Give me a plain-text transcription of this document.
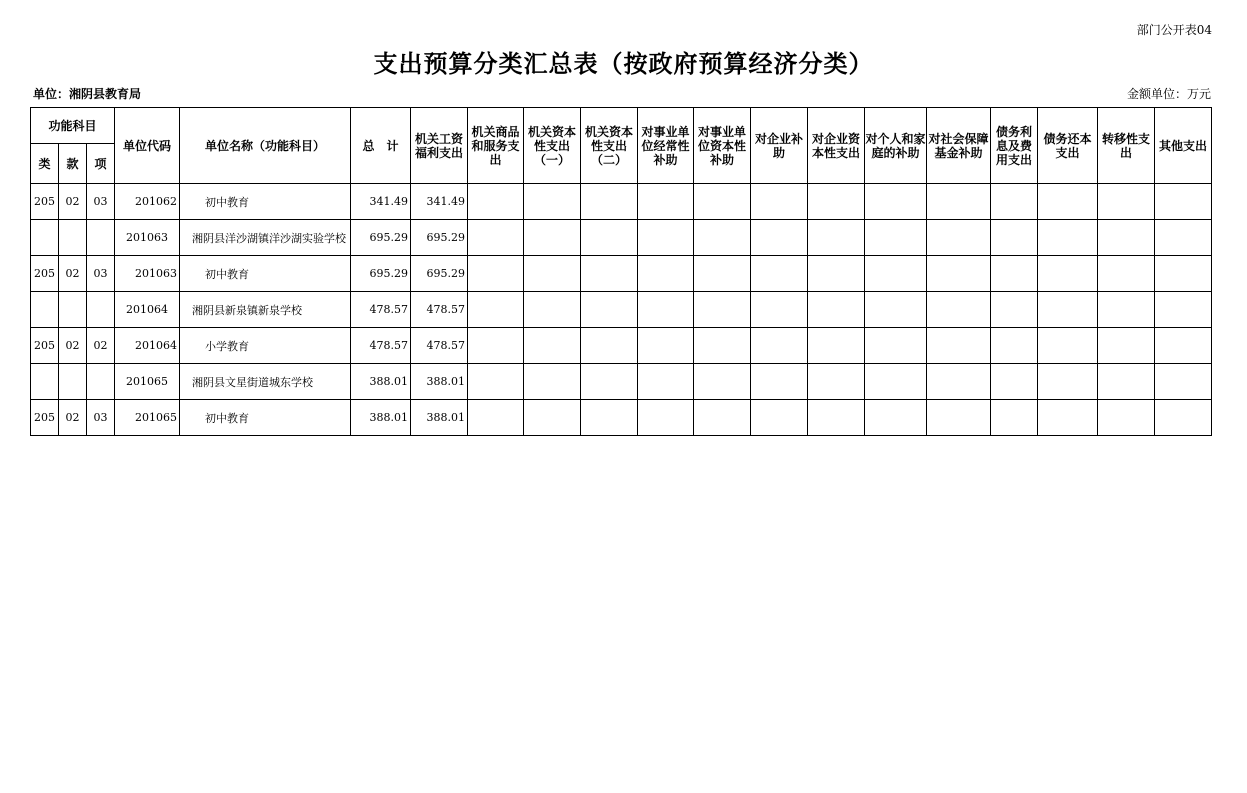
部门公开表04
支出预算分类汇总表（按政府预算经济分类）
单位：湘阴县教育局	金额单位：万元
功能科目			单位代码	单位名称（功能科目）	总　计	机关工资福利支出	机关商品和服务支出	机关资本性支出（一）	机关资本性支出（二）	对事业单位经常性补助	对事业单位资本性补助	对企业补助	对企业资本性支出	对个人和家庭的补助	对社会保障基金补助	债务利息及费用支出	债务还本支出	转移性支出	其他支出
类	款	项																	
205	02	03	201062	初中教育	341.49	341.49													
			201063	湘阴县洋沙湖镇洋沙湖实验学校	695.29	695.29													
205	02	03	201063	初中教育	695.29	695.29													
			201064	湘阴县新泉镇新泉学校	478.57	478.57													
205	02	02	201064	小学教育	478.57	478.57													
			201065	湘阴县文星街道城东学校	388.01	388.01													
205	02	03	201065	初中教育	388.01	388.01													
